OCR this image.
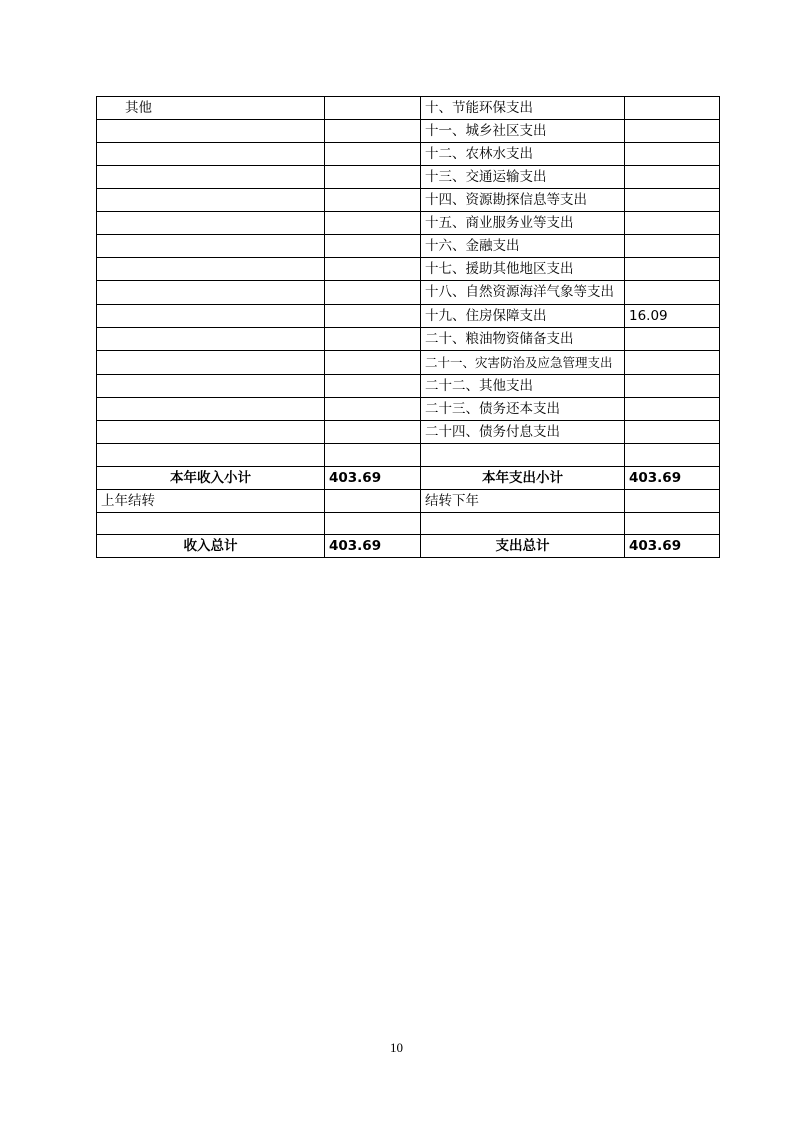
其他		十、节能环保支出	
		十一、城乡社区支出	
		十二、农林水支出	
		十三、交通运输支出	
		十四、资源勘探信息等支出	
		十五、商业服务业等支出	
		十六、金融支出	
		十七、援助其他地区支出	
		十八、自然资源海洋气象等支出	
		十九、住房保障支出	16.09
		二十、粮油物资储备支出	
		二十一、灾害防治及应急管理支出	
		二十二、其他支出	
		二十三、债务还本支出	
		二十四、债务付息支出	

本年收入小计	403.69	本年支出小计	403.69
上年结转		结转下年	

收入总计	403.69	支出总计	403.69
10
